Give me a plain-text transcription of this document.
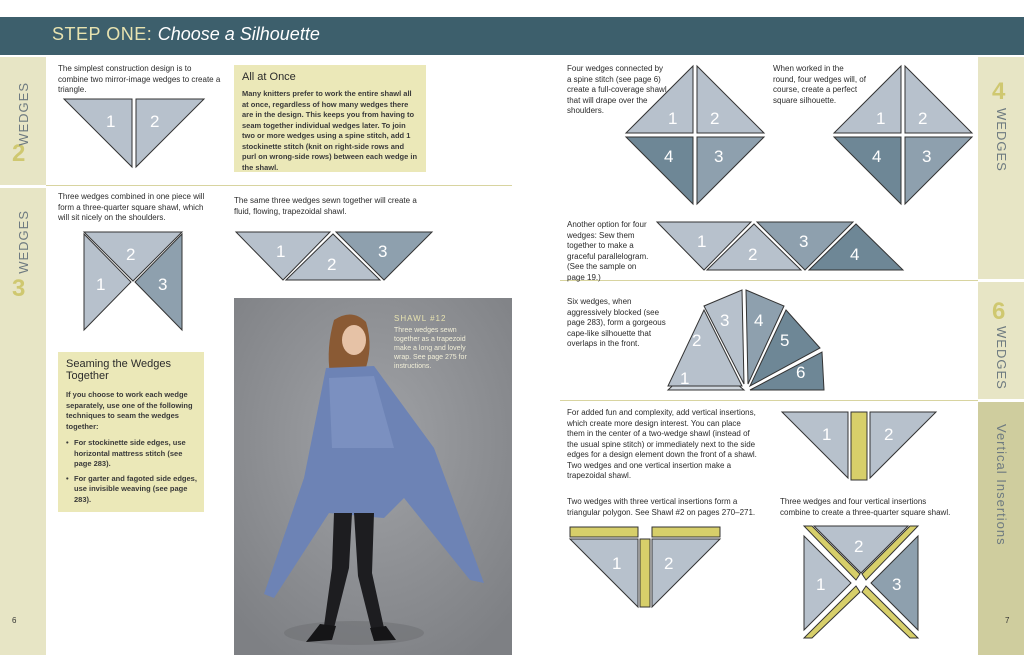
STEP ONE: Choose a Silhouette
2
WEDGES
3
WEDGES
6
4
WEDGES
6
WEDGES
Vertical Insertions
7
The simplest construction design is to combine two mirror-image wedges to create a triangle.
All at Once
Many knitters prefer to work the entire shawl all at once, regardless of how many wedges there are in the design. This keeps you from having to seam together individual wedges later. To join two or more wedges using a spine stitch, add 1 stockinette stitch (knit on right-side rows and purl on wrong-side rows) between each wedge in the shawl.
Three wedges combined in one piece will form a three-quarter square shawl, which will sit nicely on the shoulders.
The same three wedges sewn together will create a fluid, flowing, trapezoidal shawl.
Seaming the Wedges Together
If you choose to work each wedge separately, use one of the following techniques to seam the wedges together:
• For stockinette side edges, use horizontal mattress stitch (see page 283).
• For garter and fagoted side edges, use invisible weaving (see page 283).
SHAWL #12
Three wedges sewn together as a trapezoid make a long and lovely wrap. See page 275 for instructions.
1 2
2
1	3
1
2
3
Four wedges connected by a spine stitch (see page 6) create a full-coverage shawl that will drape over the shoulders.
When worked in the round, four wedges will, of course, create a perfect square silhouette.
Another option for four wedges: Sew them together to make a graceful parallelogram. (See the sample on page 19.)
Six wedges, when aggressively blocked (see page 283), form a gorgeous cape-like silhouette that overlaps in the front.
For added fun and complexity, add vertical insertions, which create more design interest. You can place them in the center of a two-wedge shawl (instead of the usual spine stitch) or immediately next to the side edges for a design element down the front of a shawl. Two wedges and one vertical insertion make a trapezoidal shawl.
Two wedges with three vertical insertions form a triangular polygon. See Shawl #2 on pages 270–271.
Three wedges and four vertical insertions combine to create a three-quarter square shawl.
1 2
4 3
1 2
4 3
1
2
3
4
1
2
3 4
5
6
1	2
1	2
2
1	3
